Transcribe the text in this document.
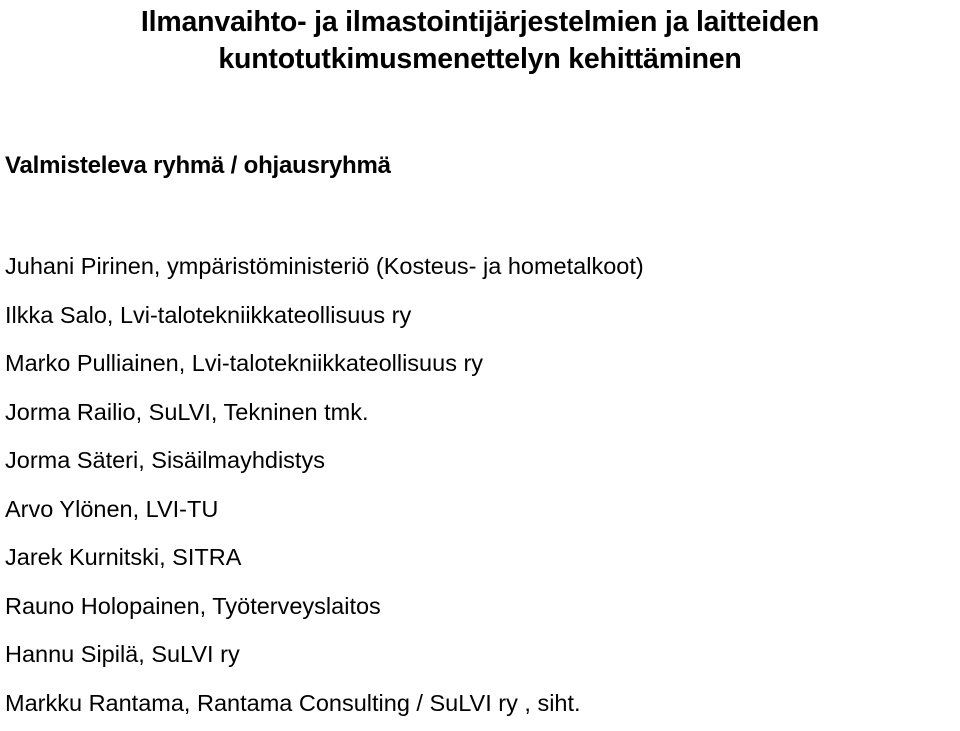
Ilmanvaihto- ja ilmastointijärjestelmien ja laitteiden
kuntotutkimusmenettelyn kehittäminen
Valmisteleva ryhmä / ohjausryhmä
Juhani Pirinen, ympäristöministeriö (Kosteus- ja hometalkoot)
Ilkka Salo, Lvi-talotekniikkateollisuus ry
Marko Pulliainen, Lvi-talotekniikkateollisuus ry
Jorma Railio, SuLVI, Tekninen tmk.
Jorma Säteri, Sisäilmayhdistys
Arvo Ylönen, LVI-TU
Jarek Kurnitski, SITRA
Rauno Holopainen, Työterveyslaitos
Hannu Sipilä, SuLVI ry
Markku Rantama, Rantama Consulting / SuLVI ry , siht.
